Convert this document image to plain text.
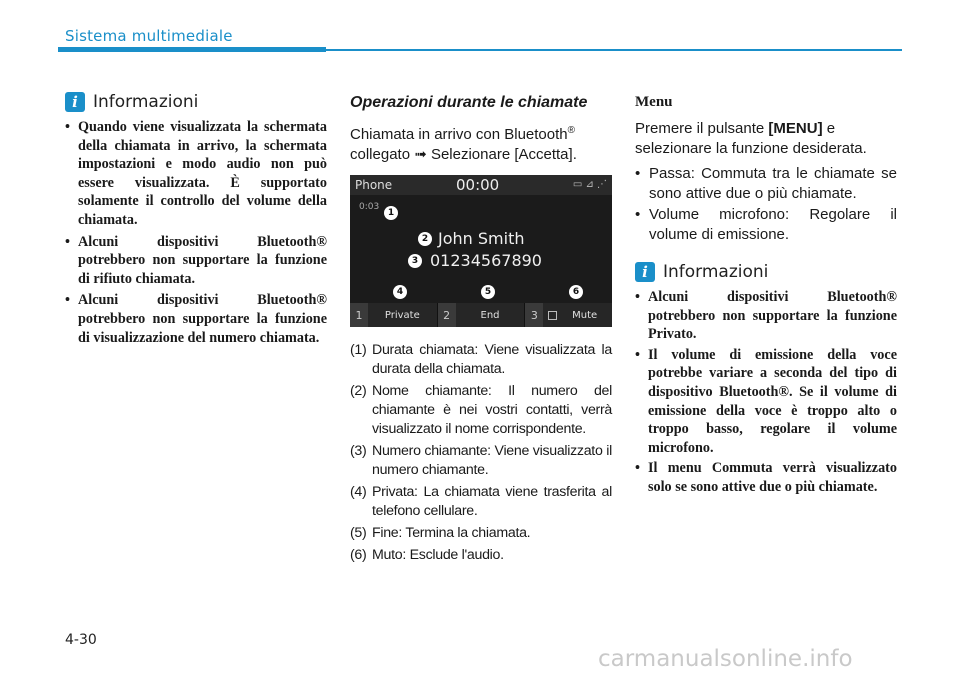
Sistema multimediale
i Informazioni
• Quando viene visualizzata la schermata della chiamata in arrivo, la schermata impostazioni e modo audio non può essere visualizzata. È supportato solamente il controllo del volume della chiamata.
• Alcuni dispositivi Bluetooth® potrebbero non supportare la funzione di rifiuto chiamata.
• Alcuni dispositivi Bluetooth® potrebbero non supportare la funzione di visualizzazione del numero chiamata.
Operazioni durante le chiamate

Chiamata in arrivo con Bluetooth® collegato ➟ Selezionare [Accetta].

Phone	00:00	▭ ⊿ ⋰
0:03
John Smith
01234567890
1
2
3
4	5	6
1	Private	2	End	3	Mute
(1) Durata chiamata: Viene visualizzata la durata della chiamata.
(2) Nome chiamante: Il numero del chiamante è nei vostri contatti, verrà visualizzato il nome corrispondente.
(3) Numero chiamante: Viene visualizzato il numero chiamante.
(4) Privata: La chiamata viene trasferita al telefono cellulare.
(5) Fine: Termina la chiamata.
(6) Muto: Esclude l'audio.
Menu

Premere il pulsante [MENU] e selezionare la funzione desiderata.

• Passa: Commuta tra le chiamate se sono attive due o più chiamate.
• Volume microfono: Regolare il volume di emissione.
i Informazioni
• Alcuni dispositivi Bluetooth® potrebbero non supportare la funzione Privato.
• Il volume di emissione della voce potrebbe variare a seconda del tipo di dispositivo Bluetooth®. Se il volume di emissione della voce è troppo alto o troppo basso, regolare il volume microfono.
• Il menu Commuta verrà visualizzato solo se sono attive due o più chiamate.
4-30
carmanualsonline.info
